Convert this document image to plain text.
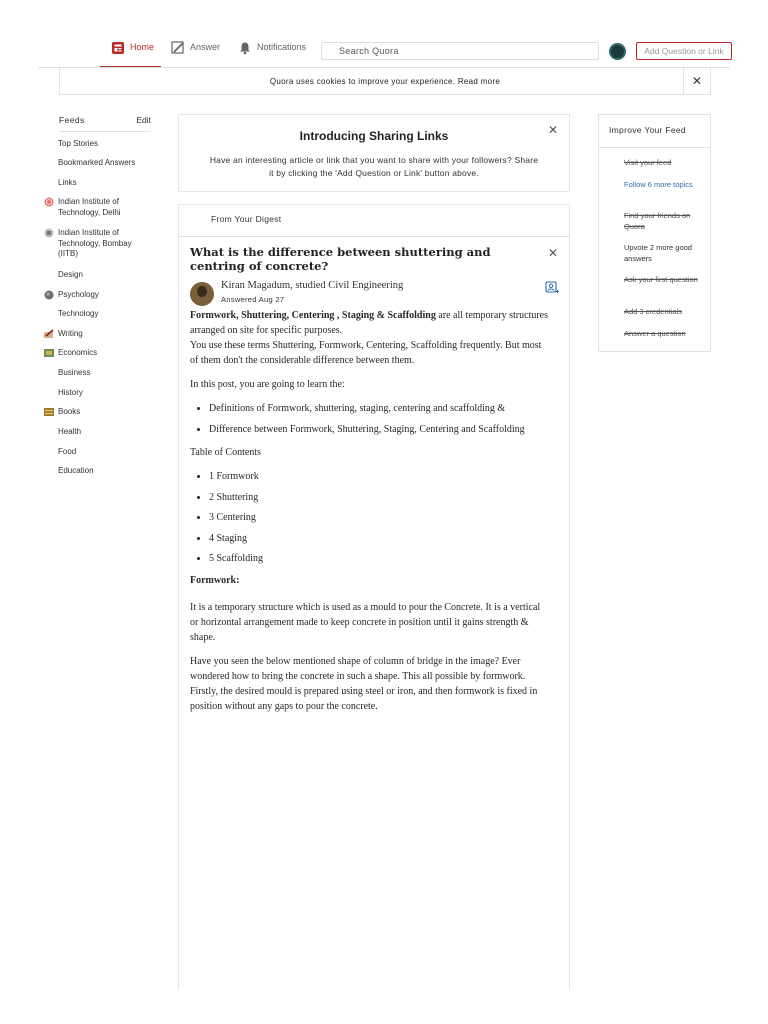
Home	Answer	Notifications	Search Quora	Add Question or Link
Quora uses cookies to improve your experience. Read more	✕
Feeds	Edit
Top Stories
Bookmarked Answers
Links
Indian Institute of Technology, Delhi
Indian Institute of Technology, Bombay (IITB)
Design
Psychology
Technology
Writing
Economics
Business
History
Books
Health
Food
Education
Introducing Sharing Links
Have an interesting article or link that you want to share with your followers? Share it by clicking the 'Add Question or Link' button above.
✕
From Your Digest
What is the difference between shuttering and centring of concrete?
✕
Kiran Magadum, studied Civil Engineering
Answered Aug 27

Formwork, Shuttering, Centering , Staging & Scaffolding are all temporary structures arranged on site for specific purposes.
You use these terms Shuttering, Formwork, Centering, Scaffolding frequently. But most of them don't the considerable difference between them.

In this post, you are going to learn the:

• Definitions of Formwork, shuttering, staging, centering and scaffolding &
• Difference between Formwork, Shuttering, Staging, Centering and Scaffolding

Table of Contents

• 1 Formwork
• 2 Shuttering
• 3 Centering
• 4 Staging
• 5 Scaffolding

Formwork:

It is a temporary structure which is used as a mould to pour the Concrete. It is a vertical or horizontal arrangement made to keep concrete in position until it gains strength & shape.

Have you seen the below mentioned shape of column of bridge in the image? Ever wondered how to bring the concrete in such a shape. This all possible by formwork. Firstly, the desired mould is prepared using steel or iron, and then formwork is fixed in position without any gaps to pour the concrete.

Improve Your Feed
Visit your feed
Follow 6 more topics
Find your friends on Quora
Upvote 2 more good answers
Ask your first question
Add 3 credentials
Answer a question
